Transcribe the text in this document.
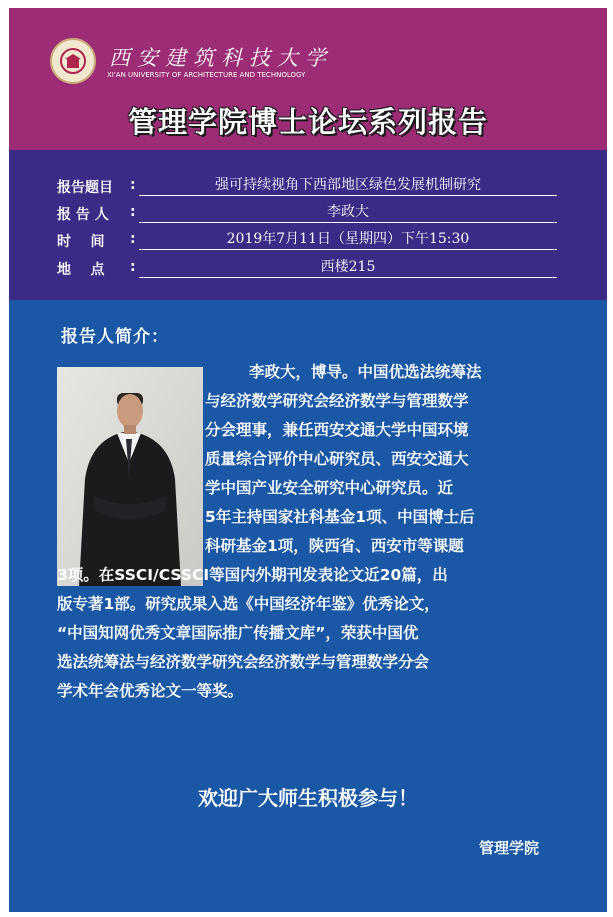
西安建筑科技大学
XI'AN UNIVERSITY OF ARCHITECTURE AND TECHNOLOGY
管理学院博士论坛系列报告
报告题目 :	强可持续视角下西部地区绿色发展机制研究
报 告 人 :	李政大
时    间 :	2019年7月11日（星期四）下午15:30
地    点 :	西楼215
报告人简介：
李政大，博导。中国优选法统筹法
与经济数学研究会经济数学与管理数学
分会理事，兼任西安交通大学中国环境
质量综合评价中心研究员、西安交通大
学中国产业安全研究中心研究员。近
5年主持国家社科基金1项、中国博士后
科研基金1项，陕西省、西安市等课题
3项。在SSCI/CSSCI等国内外期刊发表论文近20篇，出
版专著1部。研究成果入选《中国经济年鉴》优秀论文，
“中国知网优秀文章国际推广传播文库”，荣获中国优
选法统筹法与经济数学研究会经济数学与管理数学分会
学术年会优秀论文一等奖。
欢迎广大师生积极参与！
管理学院
